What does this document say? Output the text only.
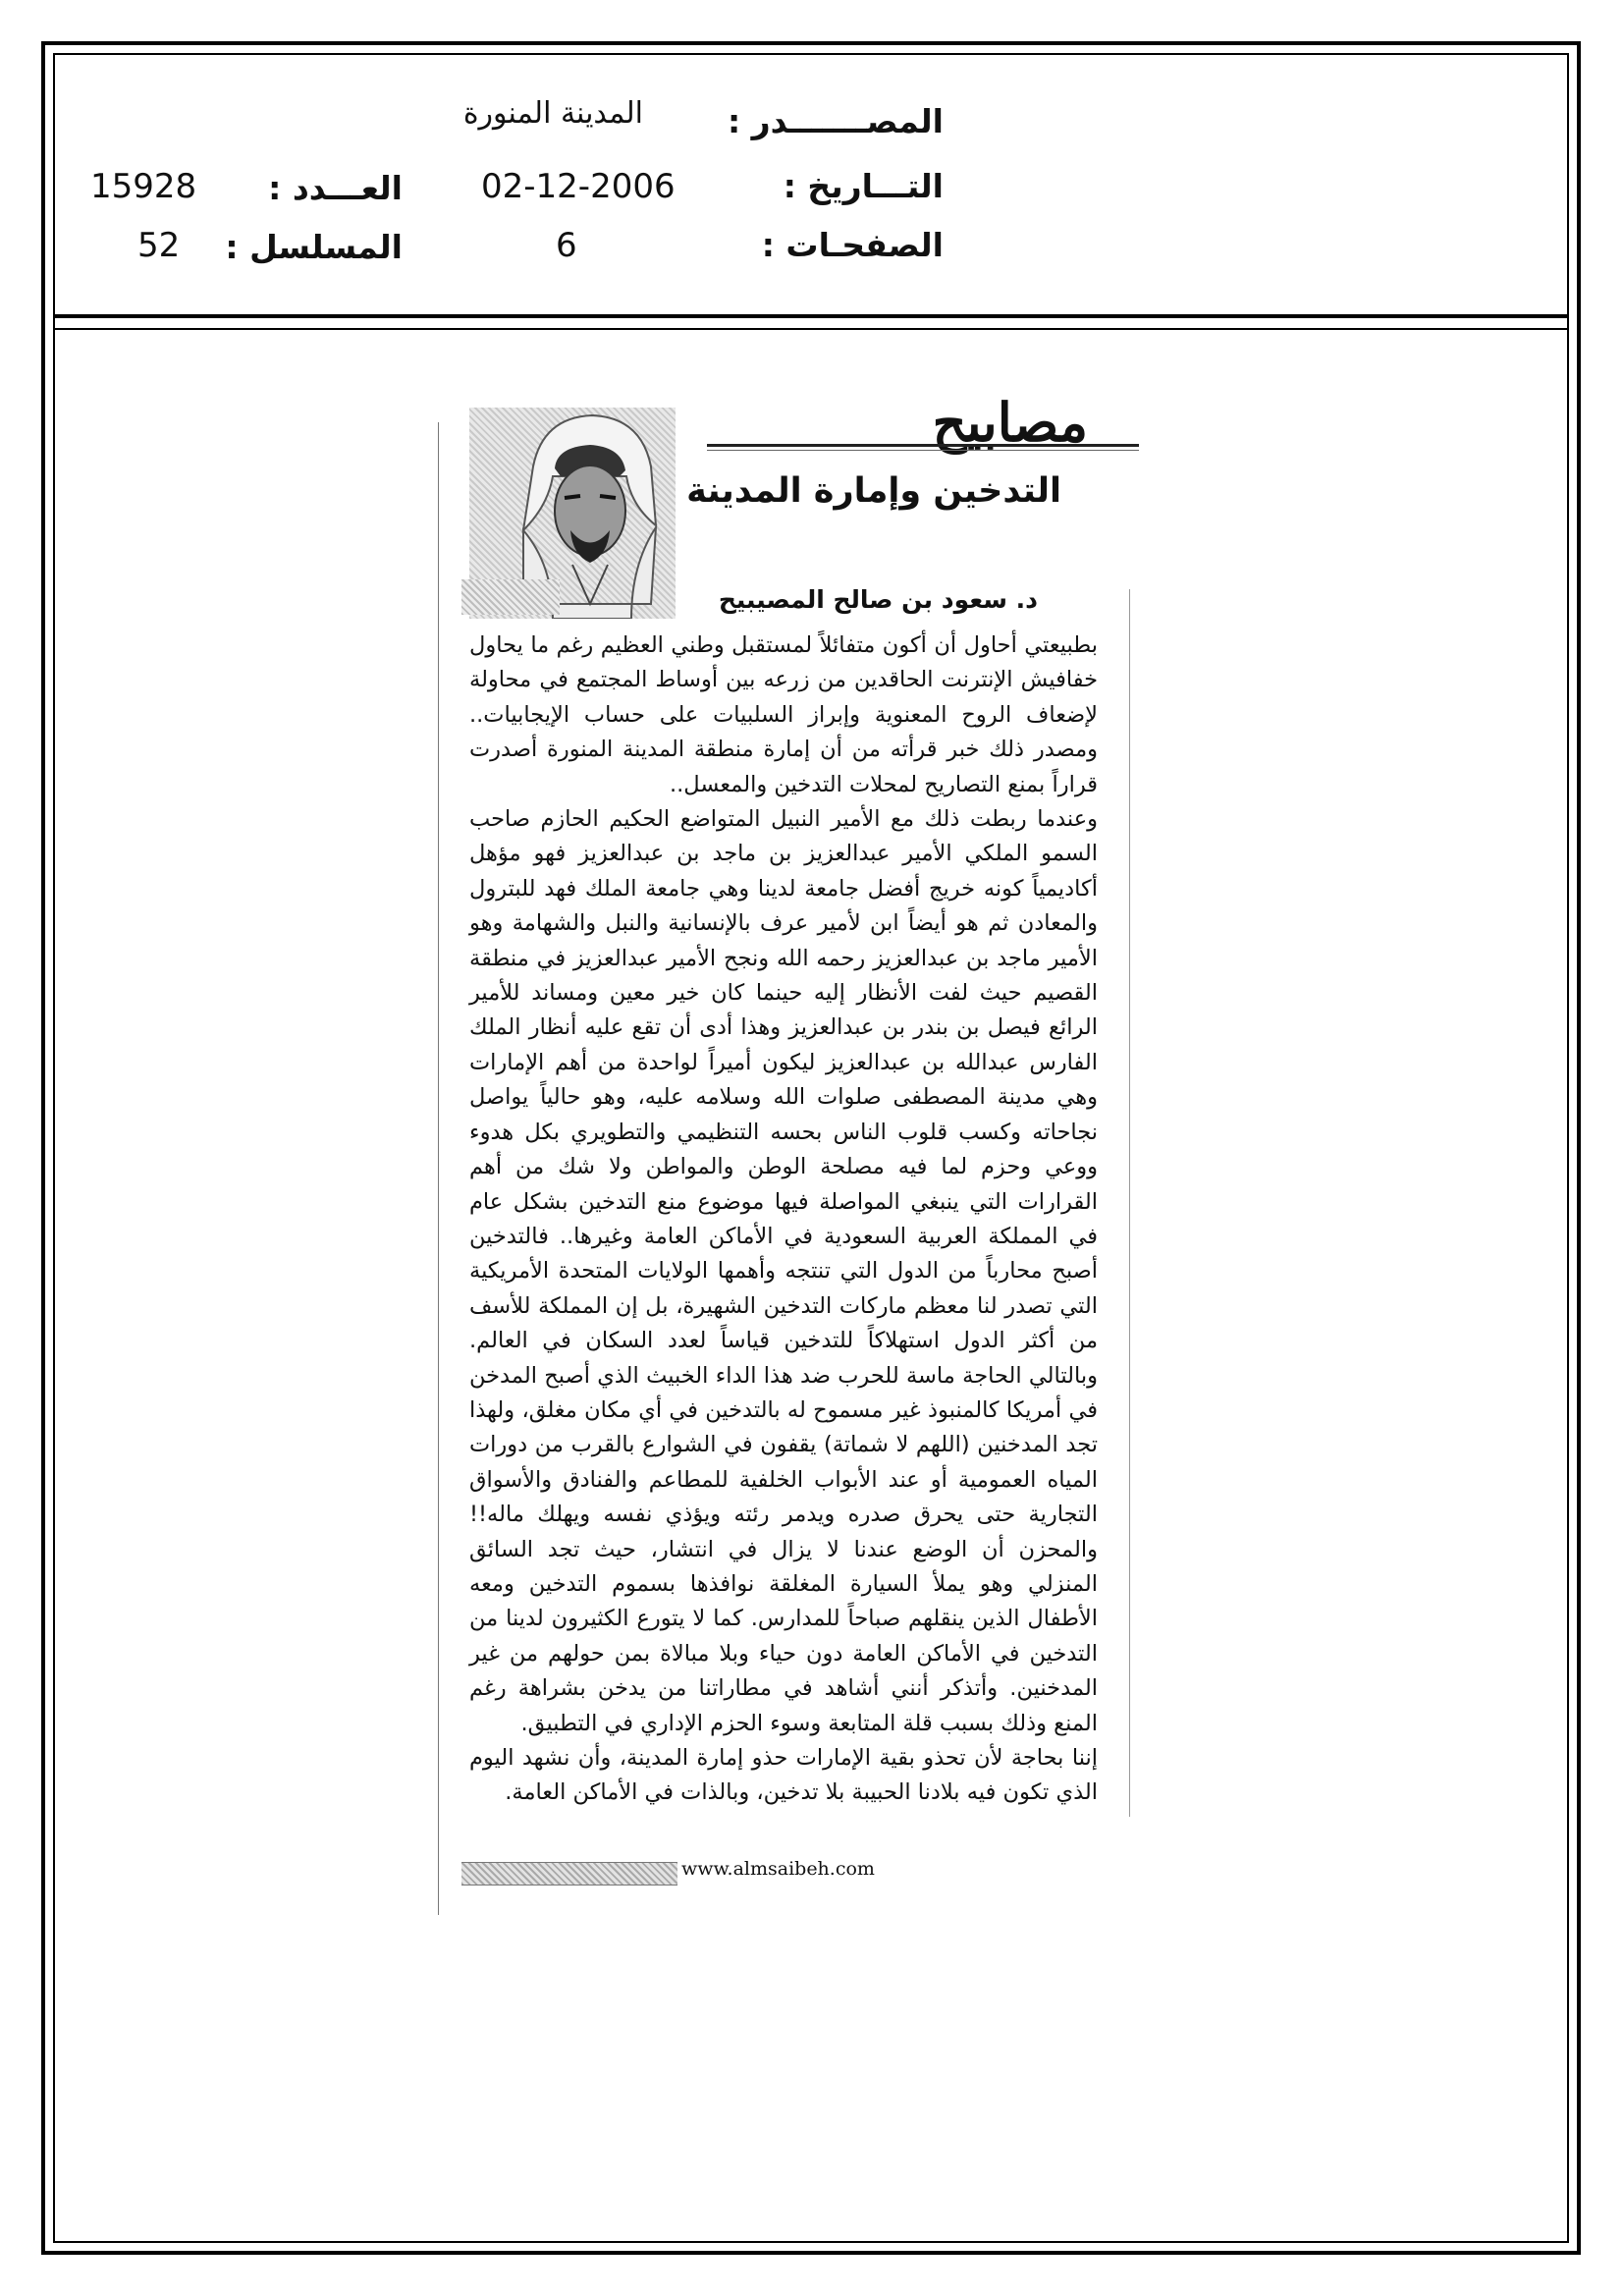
المصـــــــدر :
المدينة المنورة
التـــاريخ :
02-12-2006
الصفحـات :
6
العـــدد :
15928
المسلسل :
52
مصابيح
التدخين وإمارة المدينة
د. سعود بن صالح المصيبيح

بطبيعتي أحاول أن أكون متفائلاً لمستقبل وطني العظيم رغم ما يحاول خفافيش الإنترنت الحاقدين من زرعه بين أوساط المجتمع في محاولة لإضعاف الروح المعنوية وإبراز السلبيات على حساب الإيجابيات.. ومصدر ذلك خبر قرأته من أن إمارة منطقة المدينة المنورة أصدرت قراراً بمنع التصاريح لمحلات التدخين والمعسل..

وعندما ربطت ذلك مع الأمير النبيل المتواضع الحكيم الحازم صاحب السمو الملكي الأمير عبدالعزيز بن ماجد بن عبدالعزيز فهو مؤهل أكاديمياً كونه خريج أفضل جامعة لدينا وهي جامعة الملك فهد للبترول والمعادن ثم هو أيضاً ابن لأمير عرف بالإنسانية والنبل والشهامة وهو الأمير ماجد بن عبدالعزيز رحمه الله ونجح الأمير عبدالعزيز في منطقة القصيم حيث لفت الأنظار إليه حينما كان خير معين ومساند للأمير الرائع فيصل بن بندر بن عبدالعزيز وهذا أدى أن تقع عليه أنظار الملك الفارس عبدالله بن عبدالعزيز ليكون أميراً لواحدة من أهم الإمارات وهي مدينة المصطفى صلوات الله وسلامه عليه، وهو حالياً يواصل نجاحاته وكسب قلوب الناس بحسه التنظيمي والتطويري بكل هدوء ووعي وحزم لما فيه مصلحة الوطن والمواطن ولا شك من أهم القرارات التي ينبغي المواصلة فيها موضوع منع التدخين بشكل عام في المملكة العربية السعودية في الأماكن العامة وغيرها.. فالتدخين أصبح محارباً من الدول التي تنتجه وأهمها الولايات المتحدة الأمريكية التي تصدر لنا معظم ماركات التدخين الشهيرة، بل إن المملكة للأسف من أكثر الدول استهلاكاً للتدخين قياساً لعدد السكان في العالم. وبالتالي الحاجة ماسة للحرب ضد هذا الداء الخبيث الذي أصبح المدخن في أمريكا كالمنبوذ غير مسموح له بالتدخين في أي مكان مغلق، ولهذا تجد المدخنين (اللهم لا شماتة) يقفون في الشوارع بالقرب من دورات المياه العمومية أو عند الأبواب الخلفية للمطاعم والفنادق والأسواق التجارية حتى يحرق صدره ويدمر رئته ويؤذي نفسه ويهلك ماله!! والمحزن أن الوضع عندنا لا يزال في انتشار، حيث تجد السائق المنزلي وهو يملأ السيارة المغلقة نوافذها بسموم التدخين ومعه الأطفال الذين ينقلهم صباحاً للمدارس. كما لا يتورع الكثيرون لدينا من التدخين في الأماكن العامة دون حياء وبلا مبالاة بمن حولهم من غير المدخنين. وأتذكر أنني أشاهد في مطاراتنا من يدخن بشراهة رغم المنع وذلك بسبب قلة المتابعة وسوء الحزم الإداري في التطبيق.

إننا بحاجة لأن تحذو بقية الإمارات حذو إمارة المدينة، وأن نشهد اليوم الذي تكون فيه بلادنا الحبيبة بلا تدخين، وبالذات في الأماكن العامة.

www.almsaibeh.com
